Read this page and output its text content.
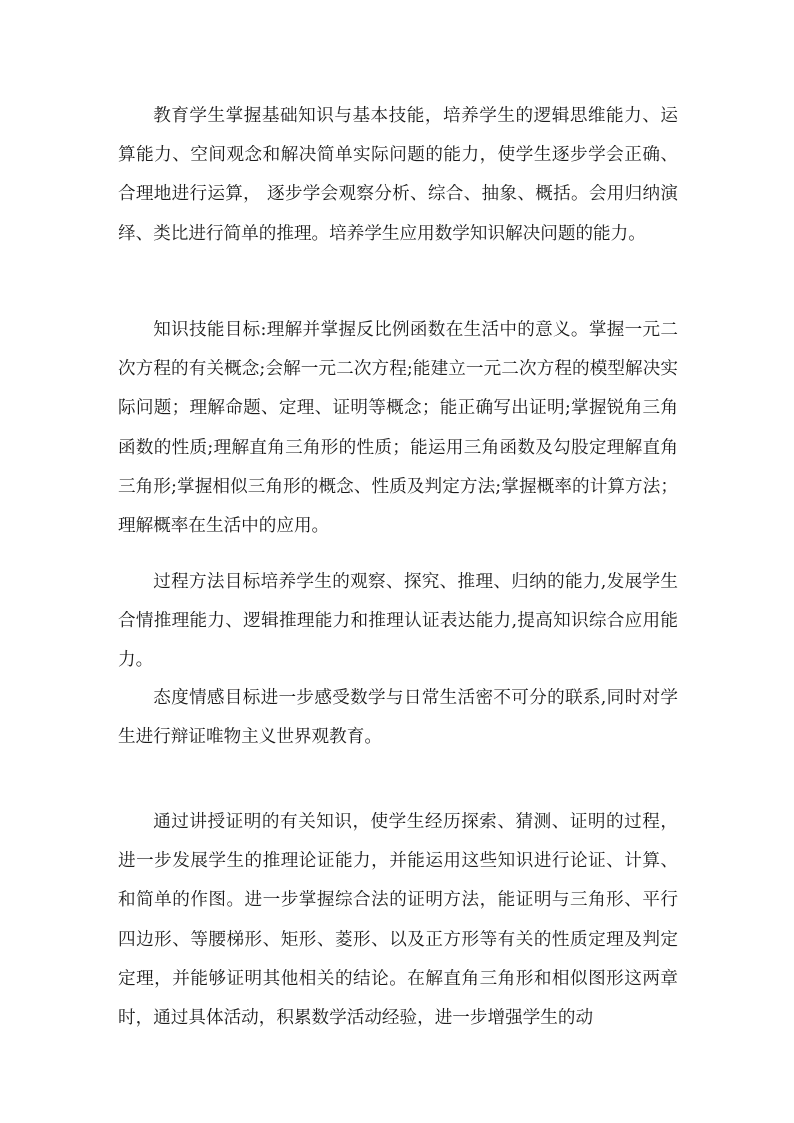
教育学生掌握基础知识与基本技能，培养学生的逻辑思维能力、运算能力、空间观念和解决简单实际问题的能力，使学生逐步学会正确、合理地进行运算， 逐步学会观察分析、综合、抽象、概括。会用归纳演绎、类比进行简单的推理。培养学生应用数学知识解决问题的能力。

知识技能目标:理解并掌握反比例函数在生活中的意义。掌握一元二次方程的有关概念;会解一元二次方程;能建立一元二次方程的模型解决实际问题；理解命题、定理、证明等概念；能正确写出证明;掌握锐角三角函数的性质;理解直角三角形的性质；能运用三角函数及勾股定理解直角三角形;掌握相似三角形的概念、性质及判定方法;掌握概率的计算方法；理解概率在生活中的应用。

过程方法目标培养学生的观察、探究、推理、归纳的能力,发展学生合情推理能力、逻辑推理能力和推理认证表达能力,提高知识综合应用能力。

态度情感目标进一步感受数学与日常生活密不可分的联系,同时对学生进行辩证唯物主义世界观教育。

通过讲授证明的有关知识，使学生经历探索、猜测、证明的过程，进一步发展学生的推理论证能力，并能运用这些知识进行论证、计算、和简单的作图。进一步掌握综合法的证明方法，能证明与三角形、平行四边形、等腰梯形、矩形、菱形、以及正方形等有关的性质定理及判定定理，并能够证明其他相关的结论。在解直角三角形和相似图形这两章时，通过具体活动，积累数学活动经验，进一步增强学生的动
